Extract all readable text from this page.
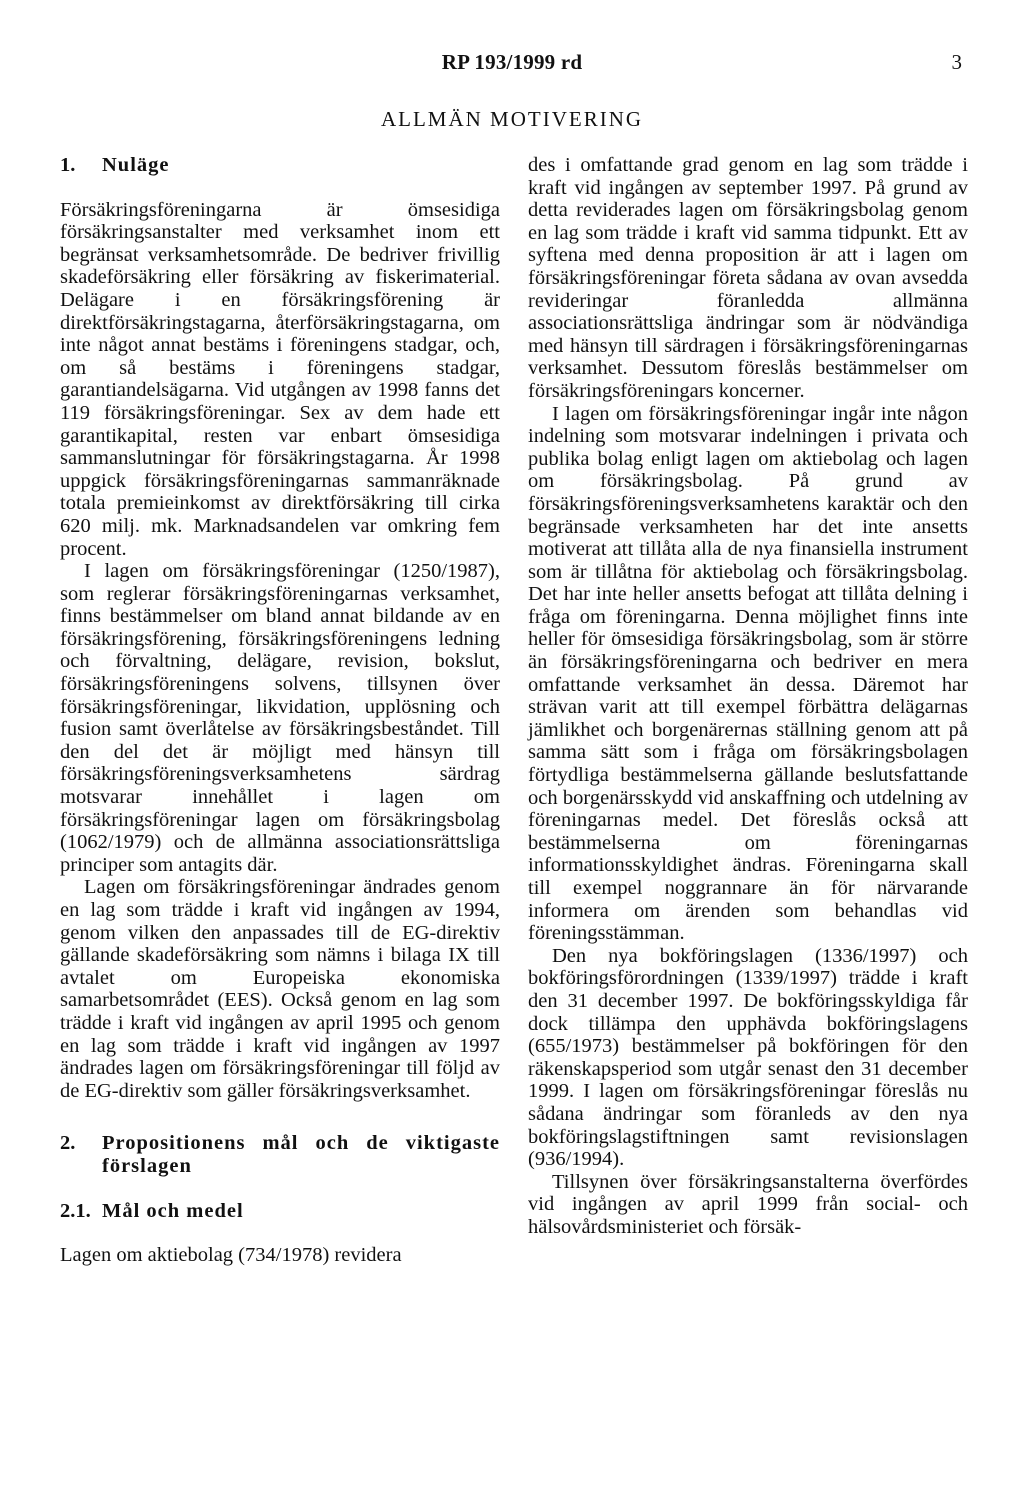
RP 193/1999 rd	3
ALLMÄN MOTIVERING
1.	Nuläge

Försäkringsföreningarna är ömsesidiga försäkringsanstalter med verksamhet inom ett begränsat verksamhetsområde. De bedriver frivillig skadeförsäkring eller försäkring av fiskerimaterial. Delägare i en försäkringsförening är direktförsäkringstagarna, återförsäkringstagarna, om inte något annat bestäms i föreningens stadgar, och, om så bestäms i föreningens stadgar, garantiandelsägarna. Vid utgången av 1998 fanns det 119 försäkringsföreningar. Sex av dem hade ett garantikapital, resten var enbart ömsesidiga sammanslutningar för försäkringstagarna. År 1998 uppgick försäkringsföreningarnas sammanräknade totala premieinkomst av direktförsäkring till cirka 620 milj. mk. Marknadsandelen var omkring fem procent.

I lagen om försäkringsföreningar (1250/1987), som reglerar försäkringsföreningarnas verksamhet, finns bestämmelser om bland annat bildande av en försäkringsförening, försäkringsföreningens ledning och förvaltning, delägare, revision, bokslut, försäkringsföreningens solvens, tillsynen över försäkringsföreningar, likvidation, upplösning och fusion samt överlåtelse av försäkringsbeståndet. Till den del det är möjligt med hänsyn till försäkringsföreningsverksamhetens särdrag motsvarar innehållet i lagen om försäkringsföreningar lagen om försäkringsbolag (1062/1979) och de allmänna associationsrättsliga principer som antagits där.

Lagen om försäkringsföreningar ändrades genom en lag som trädde i kraft vid ingången av 1994, genom vilken den anpassades till de EG-direktiv gällande skadeförsäkring som nämns i bilaga IX till avtalet om Europeiska ekonomiska samarbetsområdet (EES). Också genom en lag som trädde i kraft vid ingången av april 1995 och genom en lag som trädde i kraft vid ingången av 1997 ändrades lagen om försäkringsföreningar till följd av de EG-direktiv som gäller försäkringsverksamhet.

2.	Propositionens mål och de viktigaste förslagen
2.1. Mål och medel

Lagen om aktiebolag (734/1978) revidera

des i omfattande grad genom en lag som trädde i kraft vid ingången av september 1997. På grund av detta reviderades lagen om försäkringsbolag genom en lag som trädde i kraft vid samma tidpunkt. Ett av syftena med denna proposition är att i lagen om försäkringsföreningar företa sådana av ovan avsedda revideringar föranledda allmänna associationsrättsliga ändringar som är nödvändiga med hänsyn till särdragen i försäkringsföreningarnas verksamhet. Dessutom föreslås bestämmelser om försäkringsföreningars koncerner.

I lagen om försäkringsföreningar ingår inte någon indelning som motsvarar indelningen i privata och publika bolag enligt lagen om aktiebolag och lagen om försäkringsbolag. På grund av försäkringsföreningsverksamhetens karaktär och den begränsade verksamheten har det inte ansetts motiverat att tillåta alla de nya finansiella instrument som är tillåtna för aktiebolag och försäkringsbolag. Det har inte heller ansetts befogat att tillåta delning i fråga om föreningarna. Denna möjlighet finns inte heller för ömsesidiga försäkringsbolag, som är större än försäkringsföreningarna och bedriver en mera omfattande verksamhet än dessa. Däremot har strävan varit att till exempel förbättra delägarnas jämlikhet och borgenärernas ställning genom att på samma sätt som i fråga om försäkringsbolagen förtydliga bestämmelserna gällande beslutsfattande och borgenärsskydd vid anskaffning och utdelning av föreningarnas medel. Det föreslås också att bestämmelserna om föreningarnas informationsskyldighet ändras. Föreningarna skall till exempel noggrannare än för närvarande informera om ärenden som behandlas vid föreningsstämman.

Den nya bokföringslagen (1336/1997) och bokföringsförordningen (1339/1997) trädde i kraft den 31 december 1997. De bokföringsskyldiga får dock tillämpa den upphävda bokföringslagens (655/1973) bestämmelser på bokföringen för den räkenskapsperiod som utgår senast den 31 december 1999. I lagen om försäkringsföreningar föreslås nu sådana ändringar som föranleds av den nya bokföringslagstiftningen samt revisionslagen (936/1994).

Tillsynen över försäkringsanstalterna överfördes vid ingången av april 1999 från social- och hälsovårdsministeriet och försäk-
